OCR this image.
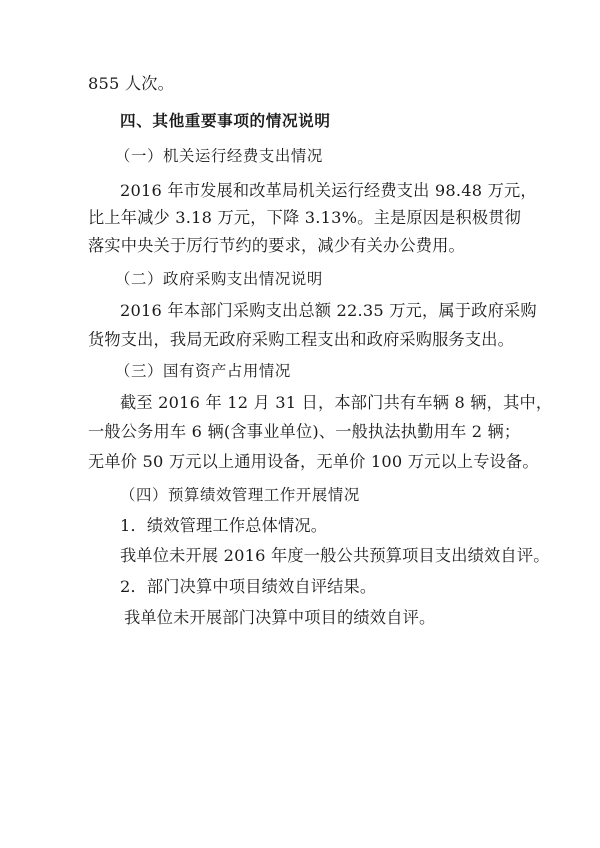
855 人次。
四、其他重要事项的情况说明
（一）机关运行经费支出情况
2016 年市发展和改革局机关运行经费支出 98.48 万元，
比上年减少 3.18 万元，下降 3.13%。主是原因是积极贯彻
落实中央关于厉行节约的要求，减少有关办公费用。
（二）政府采购支出情况说明
2016 年本部门采购支出总额 22.35 万元，属于政府采购
货物支出，我局无政府采购工程支出和政府采购服务支出。
（三）国有资产占用情况
截至 2016 年 12 月 31 日，本部门共有车辆 8 辆，其中，
一般公务用车 6 辆(含事业单位)、一般执法执勤用车 2 辆；
无单价 50 万元以上通用设备，无单价 100 万元以上专设备。
（四）预算绩效管理工作开展情况
1．绩效管理工作总体情况。
我单位未开展 2016 年度一般公共预算项目支出绩效自评。
2．部门决算中项目绩效自评结果。
我单位未开展部门决算中项目的绩效自评。
